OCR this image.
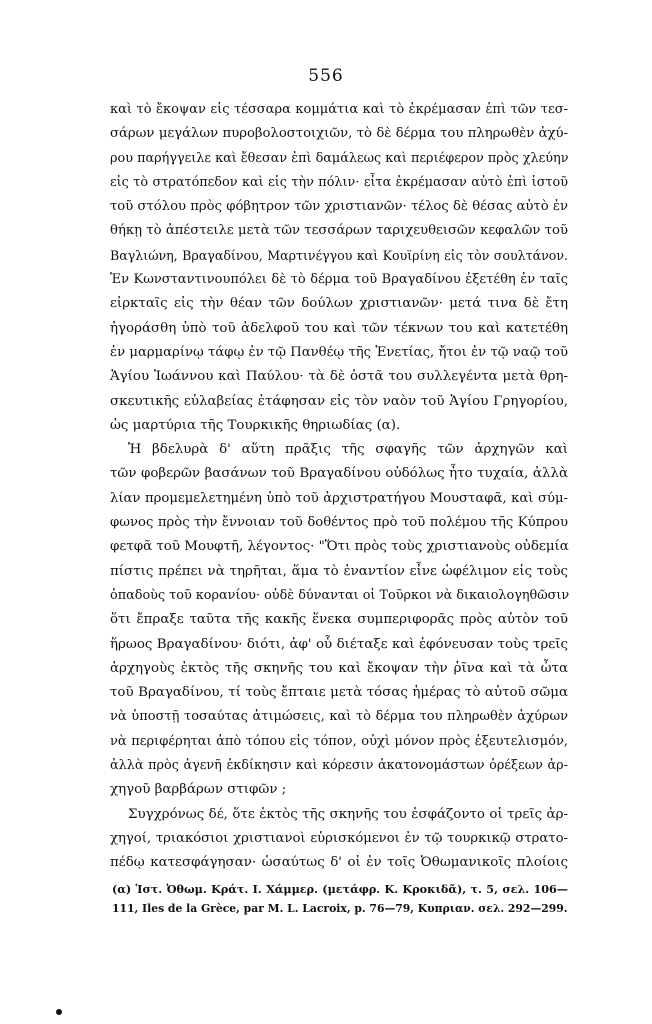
556
καὶ τὸ ἔκοψαν εἰς τέσσαρα κομμάτια καὶ τὸ ἐκρέμασαν ἐπὶ τῶν τεσ-
σάρων μεγάλων πυροβολοστοιχιῶν, τὸ δὲ δέρμα του πληρωθὲν ἀχύ-
ρου παρήγγειλε καὶ ἔθεσαν ἐπὶ δαμάλεως καὶ περιέφερον πρὸς χλεύην
εἰς τὸ στρατόπεδον καὶ εἰς τὴν πόλιν· εἶτα ἐκρέμασαν αὐτὸ ἐπὶ ἱστοῦ
τοῦ στόλου πρὸς φόβητρον τῶν χριστιανῶν· τέλος δὲ θέσας αὐτὸ ἐν
θήκῃ τὸ ἀπέστειλε μετὰ τῶν τεσσάρων ταριχευθεισῶν κεφαλῶν τοῦ
Βαγλιώνη, Βραγαδίνου, Μαρτινέγγου καὶ Κουϊρίνη εἰς τὸν σουλτάνον.
Ἐν Κωνσταντινουπόλει δὲ τὸ δέρμα τοῦ Βραγαδίνου ἐξετέθη ἐν ταῖς
εἰρκταῖς εἰς τὴν θέαν τῶν δούλων χριστιανῶν· μετά τινα δὲ ἔτη
ἠγοράσθη ὑπὸ τοῦ ἀδελφοῦ του καὶ τῶν τέκνων του καὶ κατετέθη
ἐν μαρμαρίνῳ τάφῳ ἐν τῷ Πανθέῳ τῆς Ἑνετίας, ἤτοι ἐν τῷ ναῷ τοῦ
Ἁγίου Ἰωάννου καὶ Παύλου· τὰ δὲ ὀστᾶ του συλλεγέντα μετὰ θρη-
σκευτικῆς εὐλαβείας ἐτάφησαν εἰς τὸν ναὸν τοῦ Ἁγίου Γρηγορίου,
ὡς μαρτύρια τῆς Τουρκικῆς θηριωδίας (α).
Ἡ βδελυρὰ δ' αὕτη πρᾶξις τῆς σφαγῆς τῶν ἀρχηγῶν καὶ
τῶν φοβερῶν βασάνων τοῦ Βραγαδίνου οὐδόλως ἦτο τυχαία, ἀλλὰ
λίαν προμεμελετημένη ὑπὸ τοῦ ἀρχιστρατήγου Μουσταφᾶ, καὶ σύμ-
φωνος πρὸς τὴν ἔννοιαν τοῦ δοθέντος πρὸ τοῦ πολέμου τῆς Κύπρου
φετφᾶ τοῦ Μουφτῆ, λέγοντος· "Ὅτι πρὸς τοὺς χριστιανοὺς οὐδεμία
πίστις πρέπει νὰ τηρῆται, ἅμα τὸ ἐναντίον εἶνε ὠφέλιμον εἰς τοὺς
ὀπαδοὺς τοῦ κορανίου· οὐδὲ δύνανται οἱ Τοῦρκοι νὰ δικαιολογηθῶσιν
ὅτι ἔπραξε ταῦτα τῆς κακῆς ἕνεκα συμπεριφορᾶς πρὸς αὐτὸν τοῦ
ἥρωος Βραγαδίνου· διότι, ἀφ' οὗ διέταξε καὶ ἐφόνευσαν τοὺς τρεῖς
ἀρχηγοὺς ἐκτὸς τῆς σκηνῆς του καὶ ἔκοψαν τὴν ῥῖνα καὶ τὰ ὦτα
τοῦ Βραγαδίνου, τί τοὺς ἔπταιε μετὰ τόσας ἡμέρας τὸ αὐτοῦ σῶμα
νὰ ὑποστῇ τοσαύτας ἀτιμώσεις, καὶ τὸ δέρμα του πληρωθὲν ἀχύρων
νὰ περιφέρηται ἀπὸ τόπου εἰς τόπον, οὐχὶ μόνον πρὸς ἐξευτελισμόν,
ἀλλὰ πρὸς ἀγενῆ ἐκδίκησιν καὶ κόρεσιν ἀκατονομάστων ὀρέξεων ἀρ-
χηγοῦ βαρβάρων στιφῶν ;
Συγχρόνως δέ, ὅτε ἐκτὸς τῆς σκηνῆς του ἐσφάζοντο οἱ τρεῖς ἀρ-
χηγοί, τριακόσιοι χριστιανοὶ εὑρισκόμενοι ἐν τῷ τουρκικῷ στρατο-
πέδῳ κατεσφάγησαν· ὡσαύτως δ' οἱ ἐν τοῖς Ὀθωμανικοῖς πλοίοις
(α) Ἱστ. Ὀθωμ. Κράτ. Ι. Χάμμερ. (μετάφρ. Κ. Κροκιδᾶ), τ. 5, σελ. 106—
111, Iles de la Grèce, par M. L. Lacroix, p. 76—79, Κυπριαν. σελ. 292—299.
